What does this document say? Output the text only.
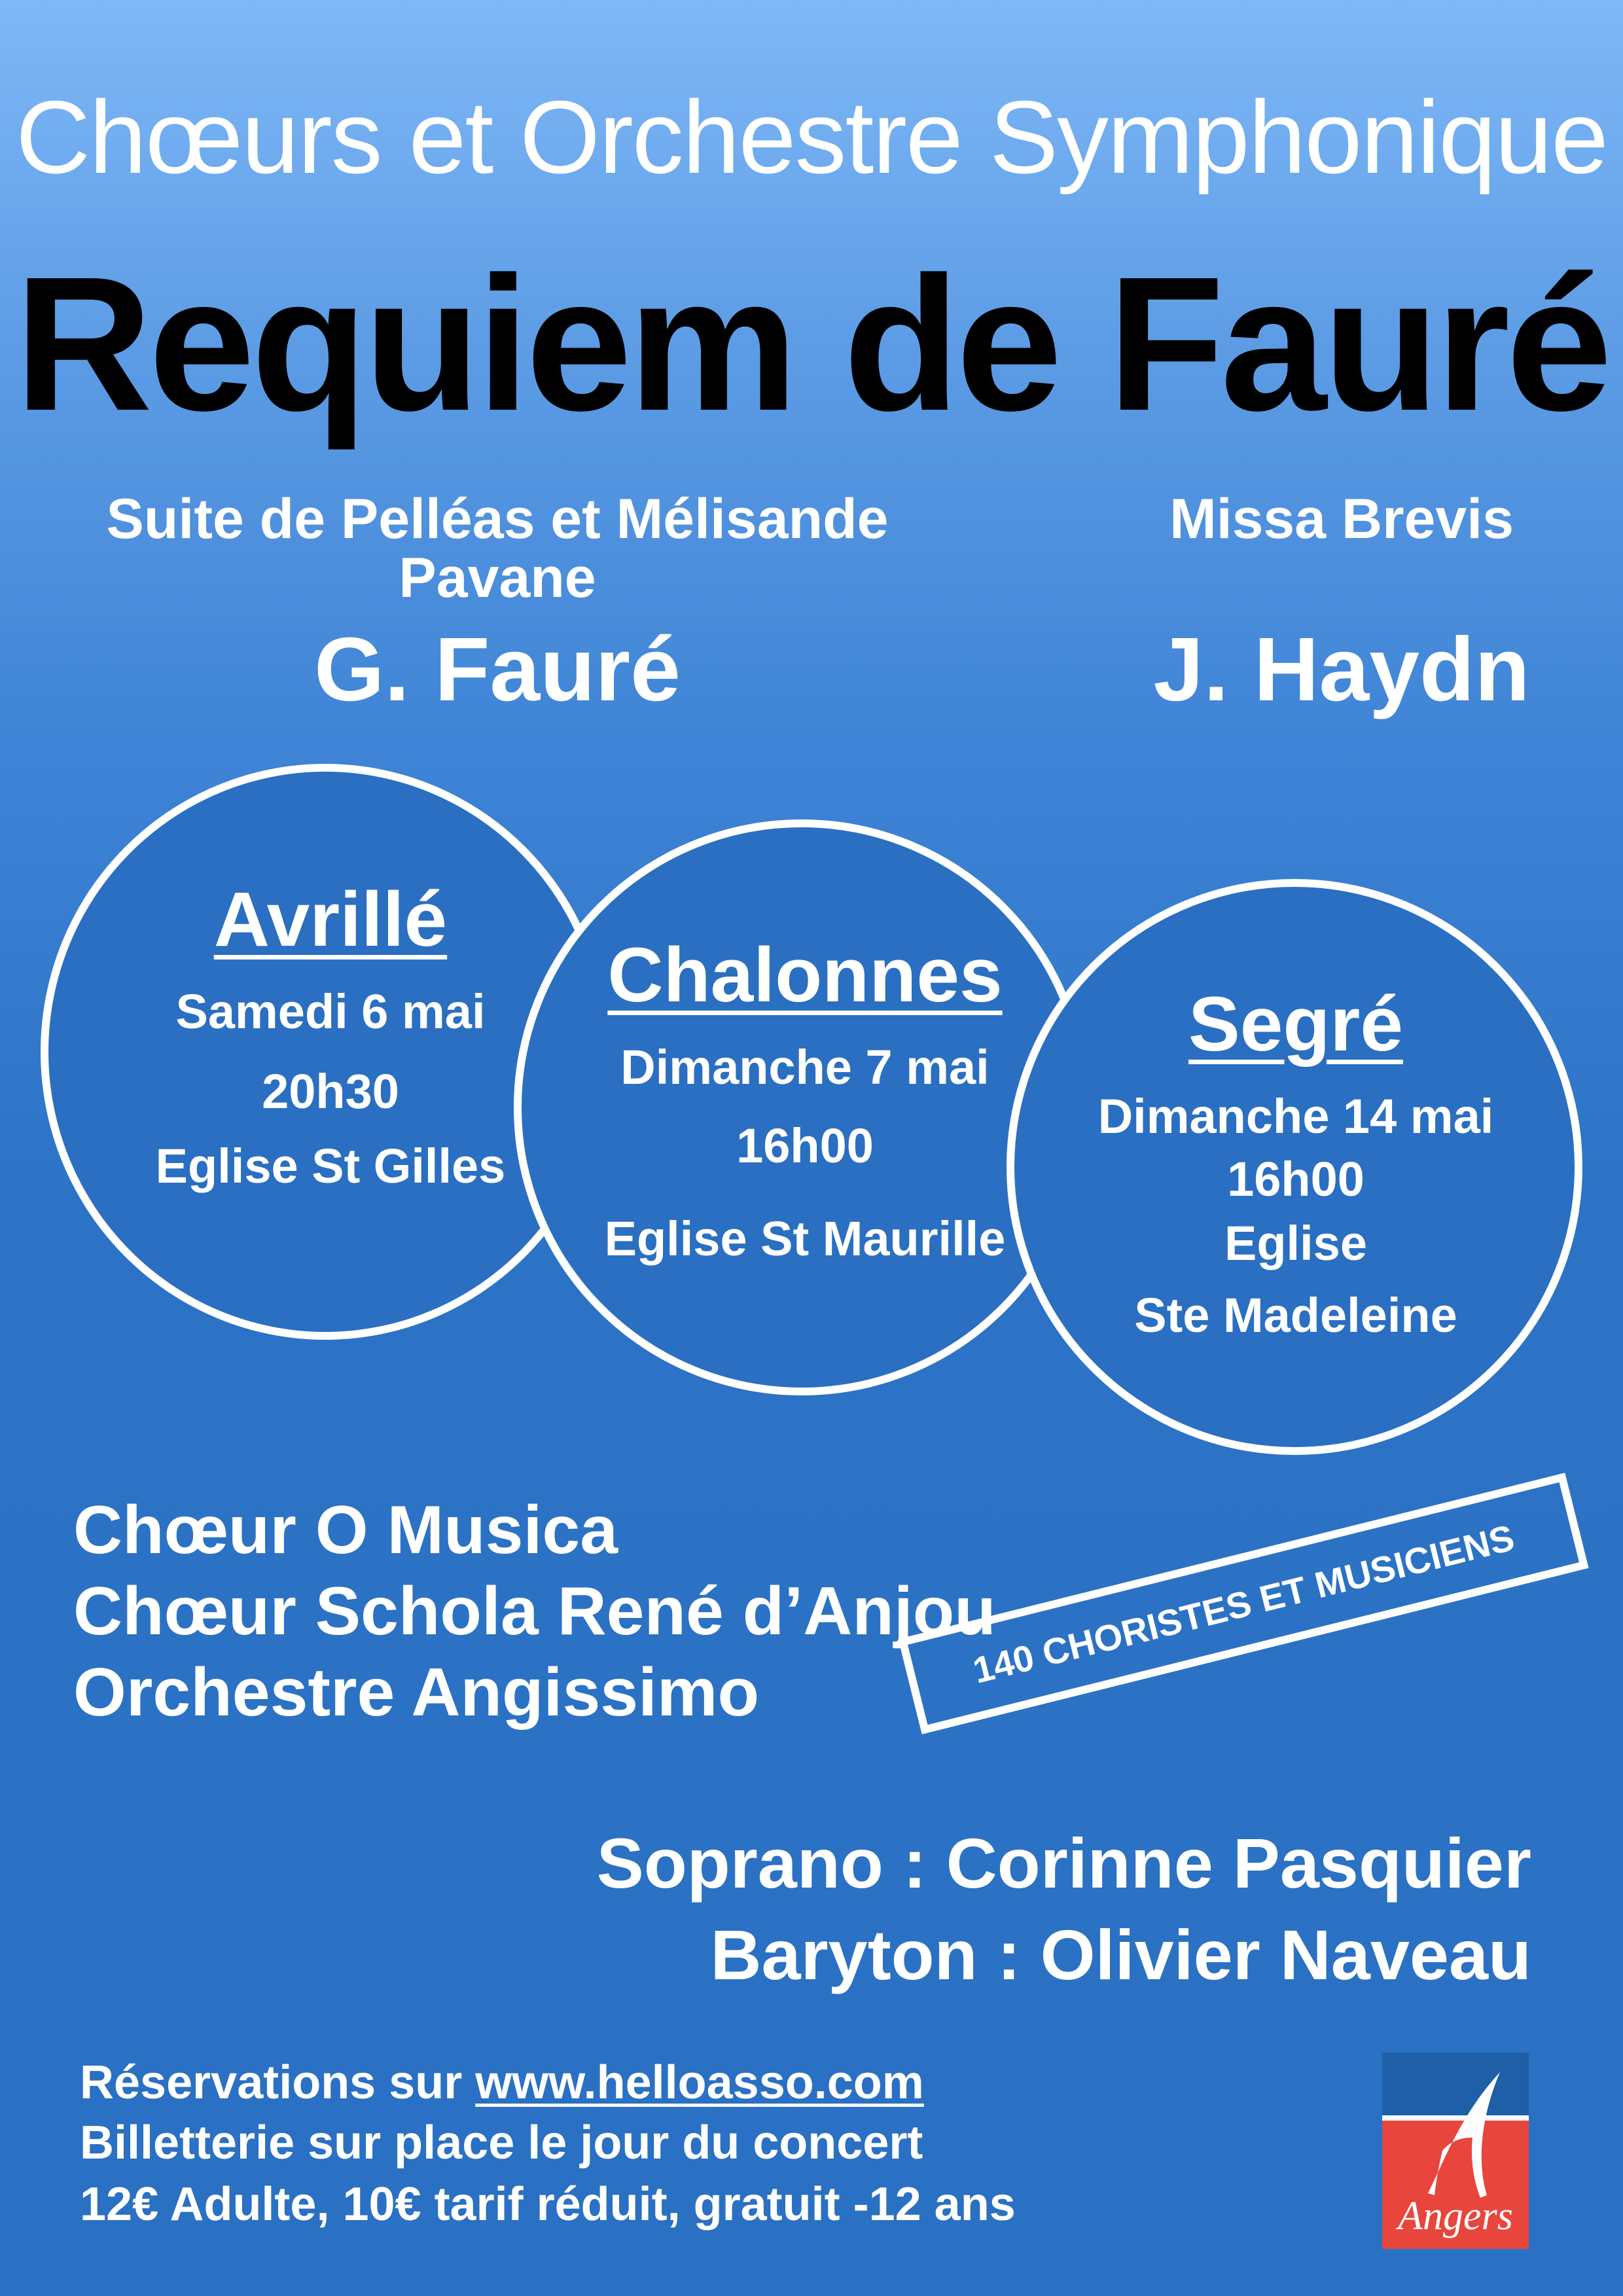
Chœurs et Orchestre Symphonique
Requiem de Fauré
Suite de Pelléas et Mélisande
Pavane
G. Fauré
Missa Brevis
J. Haydn
Avrillé
Samedi 6 mai
20h30
Eglise St Gilles
Chalonnes
Dimanche 7 mai
16h00
Eglise St Maurille
Segré
Dimanche 14 mai
16h00
Eglise
Ste Madeleine
Chœur O Musica
Chœur Schola René d’Anjou
Orchestre Angissimo
140 CHORISTES ET MUSICIENS
Soprano : Corinne Pasquier
Baryton : Olivier Naveau
Réservations sur www.helloasso.com
Billetterie sur place le jour du concert
12€ Adulte, 10€ tarif réduit, gratuit -12 ans	Angers
